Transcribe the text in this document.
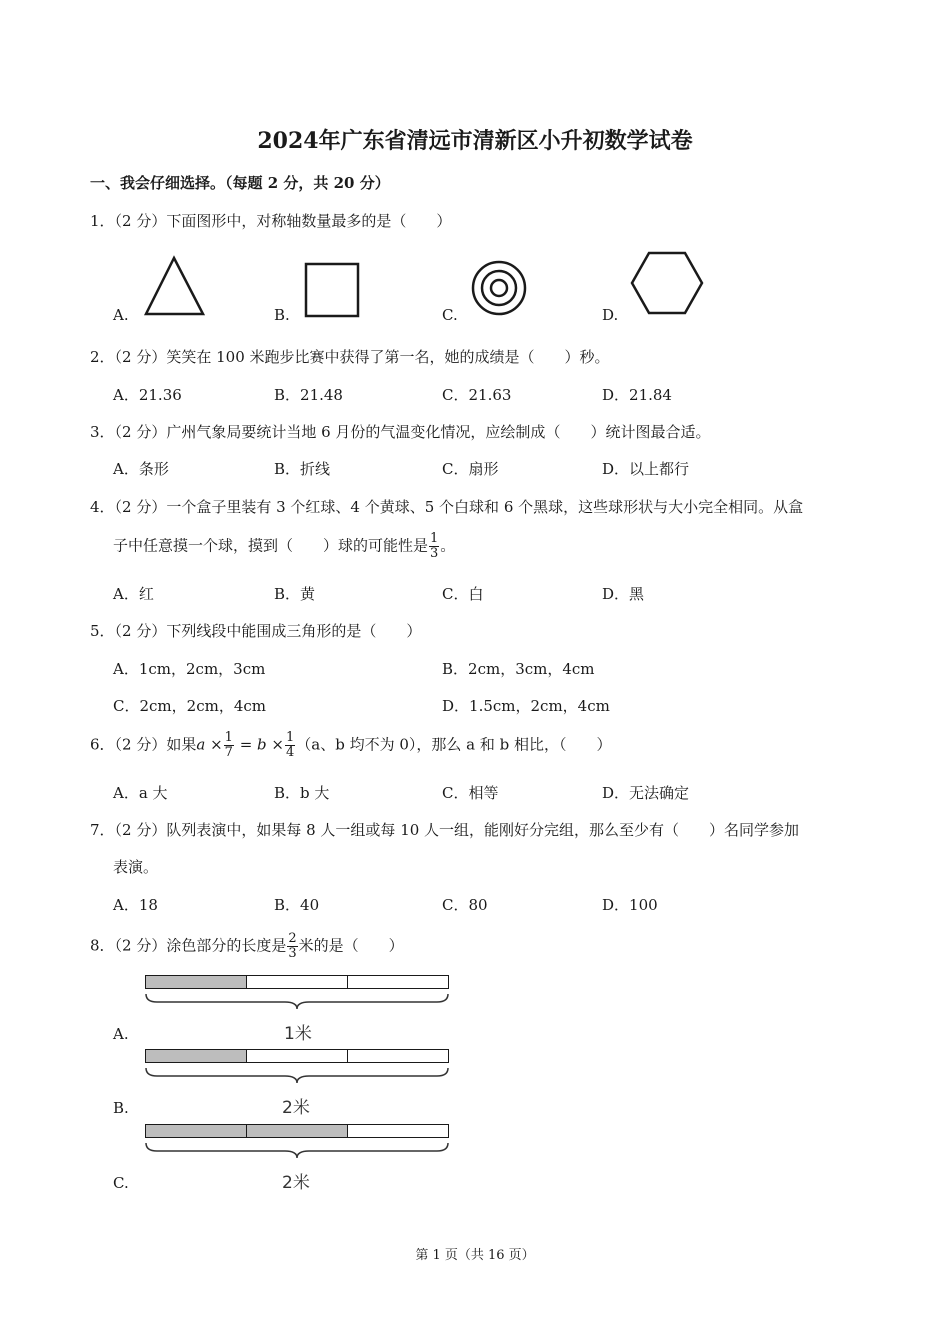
2024年广东省清远市清新区小升初数学试卷
一、我会仔细选择。（每题 2 分，共 20 分）
1．（2 分）下面图形中，对称轴数量最多的是（　　）
A.	B.	C.	D.
2．（2 分）笑笑在 100 米跑步比赛中获得了第一名，她的成绩是（　　）秒。
A．21.36	B．21.48	C．21.63	D．21.84
3．（2 分）广州气象局要统计当地 6 月份的气温变化情况，应绘制成（　　）统计图最合适。
A．条形	B．折线	C．扇形	D．以上都行
4．（2 分）一个盒子里装有 3 个红球、4 个黄球、5 个白球和 6 个黑球，这些球形状与大小完全相同。从盒
子中任意摸一个球，摸到（　　）球的可能性是 $\frac{1}{3}$ 。
A．红	B．黄	C．白	D．黑
5．（2 分）下列线段中能围成三角形的是（　　）
A．1cm，2cm，3cm	B．2cm，3cm，4cm
C．2cm，2cm，4cm	D．1.5cm，2cm，4cm
6．（2 分）如果$a \times \frac{1}{7} = b \times \frac{1}{4} (a$、b 均不为 0），那么 a 和 b 相比，（　　）
A．a 大	B．b 大	C．相等	D．无法确定
7．（2 分）队列表演中，如果每 8 人一组或每 10 人一组，能刚好分完组，那么至少有（　　）名同学参加
表演。
A．18	B．40	C．80	D．100
8．（2 分）涂色部分的长度是 $\frac{2}{3}$ 米的是（　　）
A.	1米
B.	2米
C.	2米
第 1 页（共 16 页）
